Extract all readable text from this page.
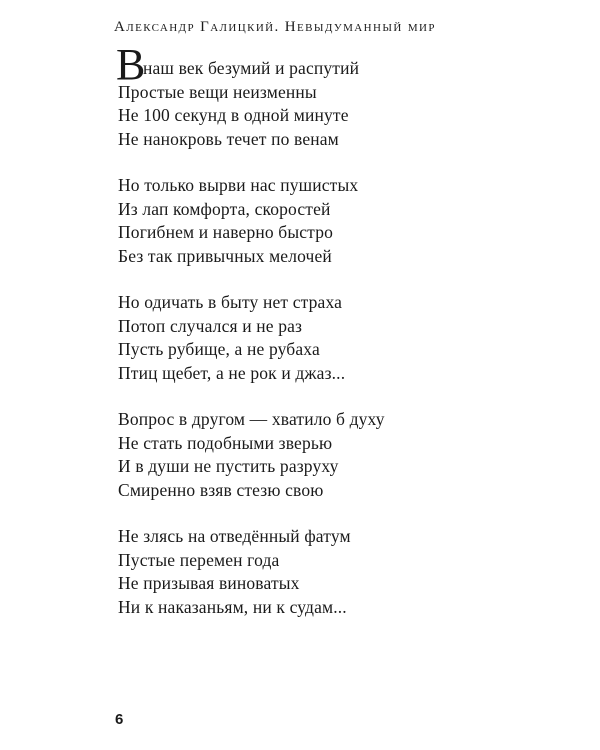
Александр Галицкий. Невыдуманный мир
В
наш век безумий и распутий
Простые вещи неизменны
Не 100 секунд в одной минуте
Не нанокровь течет по венам
Но только вырви нас пушистых
Из лап комфорта, скоростей
Погибнем и наверно быстро
Без так привычных мелочей
Но одичать в быту нет страха
Потоп случался и не раз
Пусть рубище, а не рубаха
Птиц щебет, а не рок и джаз...
Вопрос в другом — хватило б духу
Не стать подобными зверью
И в души не пустить разруху
Смиренно взяв стезю свою
Не злясь на отведённый фатум
Пустые перемен года
Не призывая виноватых
Ни к наказаньям, ни к судам...
6
